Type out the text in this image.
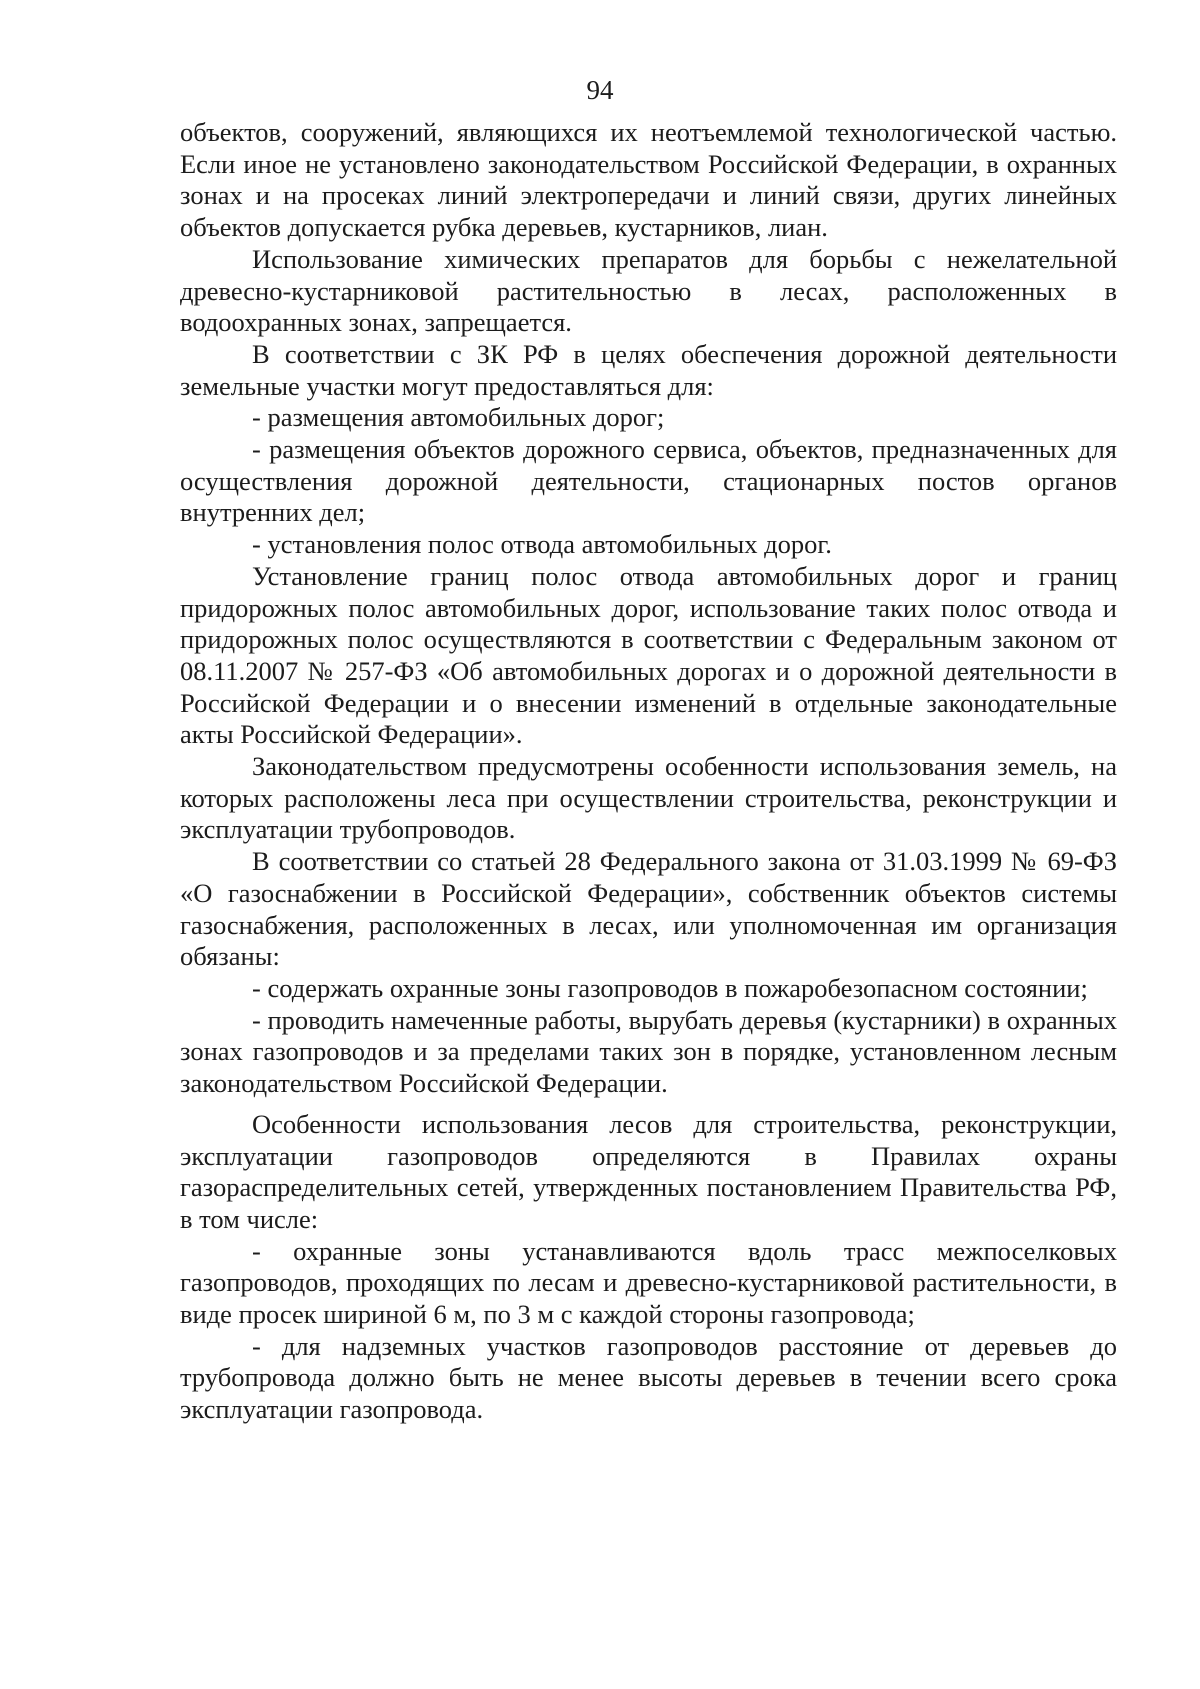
94

объектов, сооружений, являющихся их неотъемлемой технологической частью. Если иное не установлено законодательством Российской Федерации, в охранных зонах и на просеках линий электропередачи и линий связи, других линейных объектов допускается рубка деревьев, кустарников, лиан.

Использование химических препаратов для борьбы с нежелательной древесно-кустарниковой растительностью в лесах, расположенных в водоохранных зонах, запрещается.

В соответствии с ЗК РФ в целях обеспечения дорожной деятельности земельные участки могут предоставляться для:

- размещения автомобильных дорог;

- размещения объектов дорожного сервиса, объектов, предназначенных для осуществления дорожной деятельности, стационарных постов органов внутренних дел;

- установления полос отвода автомобильных дорог.

Установление границ полос отвода автомобильных дорог и границ придорожных полос автомобильных дорог, использование таких полос отвода и придорожных полос осуществляются в соответствии с Федеральным законом от 08.11.2007 № 257-ФЗ «Об автомобильных дорогах и о дорожной деятельности в Российской Федерации и о внесении изменений в отдельные законодательные акты Российской Федерации».

Законодательством предусмотрены особенности использования земель, на которых расположены леса при осуществлении строительства, реконструкции и эксплуатации трубопроводов.

В соответствии со статьей 28 Федерального закона от 31.03.1999 № 69-ФЗ «О газоснабжении в Российской Федерации», собственник объектов системы газоснабжения, расположенных в лесах, или уполномоченная им организация обязаны:

- содержать охранные зоны газопроводов в пожаробезопасном состоянии;

- проводить намеченные работы, вырубать деревья (кустарники) в охранных зонах газопроводов и за пределами таких зон в порядке, установленном лесным законодательством Российской Федерации.

Особенности использования лесов для строительства, реконструкции, эксплуатации газопроводов определяются в Правилах охраны газораспределительных сетей, утвержденных постановлением Правительства РФ, в том числе:

- охранные зоны устанавливаются вдоль трасс межпоселковых газопроводов, проходящих по лесам и древесно-кустарниковой растительности, в виде просек шириной 6 м, по 3 м с каждой стороны газопровода;

- для надземных участков газопроводов расстояние от деревьев до трубопровода должно быть не менее высоты деревьев в течении всего срока эксплуатации газопровода.
